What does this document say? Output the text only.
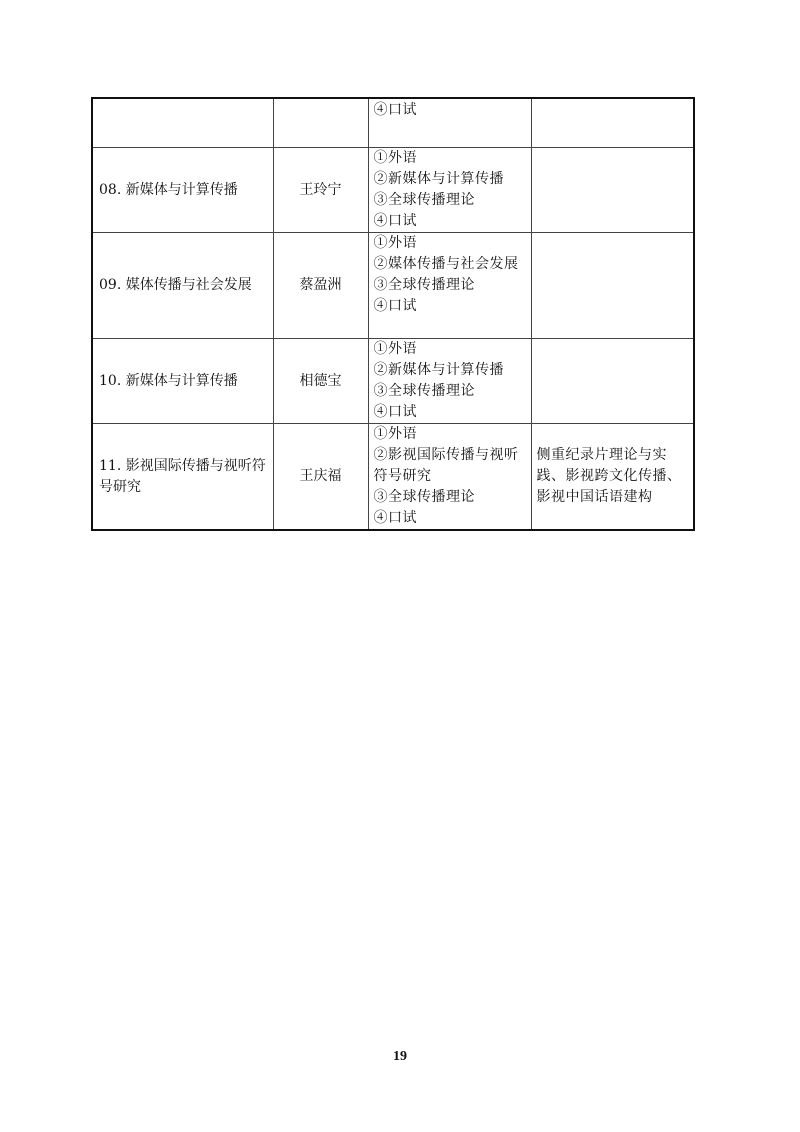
		④口试	

08. 新媒体与计算传播	王玲宁	①外语
②新媒体与计算传播
③全球传播理论
④口试	

09. 媒体传播与社会发展	蔡盈洲	①外语
②媒体传播与社会发展
③全球传播理论
④口试	

10. 新媒体与计算传播	相德宝	①外语
②新媒体与计算传播
③全球传播理论
④口试	

11. 影视国际传播与视听符号研究	王庆福	①外语
②影视国际传播与视听符号研究
③全球传播理论
④口试	侧重纪录片理论与实践、影视跨文化传播、影视中国话语建构
19
